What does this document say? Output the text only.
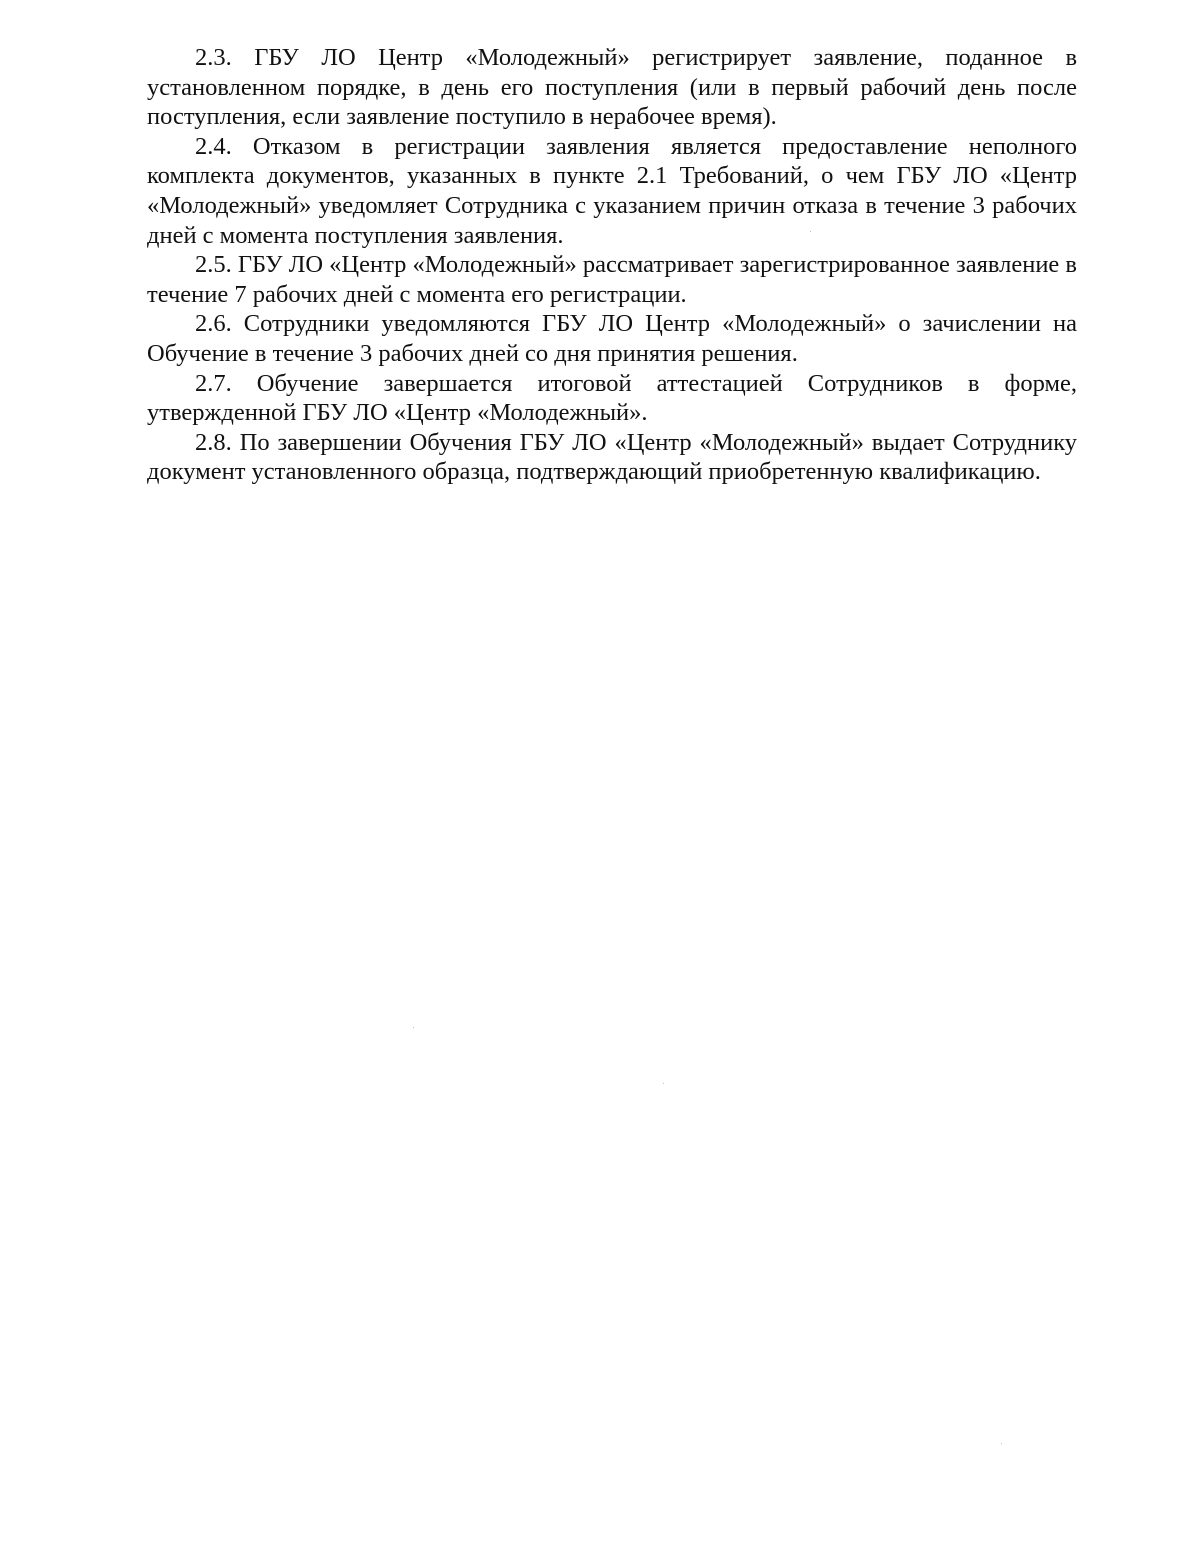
2.3. ГБУ ЛО Центр «Молодежный» регистрирует заявление, поданное в установленном порядке, в день его поступления (или в первый рабочий день после поступления, если заявление поступило в нерабочее время).

2.4. Отказом в регистрации заявления является предоставление неполного комплекта документов, указанных в пункте 2.1 Требований, о чем ГБУ ЛО «Центр «Молодежный» уведомляет Сотрудника с указанием причин отказа в течение 3 рабочих дней с момента поступления заявления.

2.5. ГБУ ЛО «Центр «Молодежный» рассматривает зарегистрированное заявление в течение 7 рабочих дней с момента его регистрации.

2.6. Сотрудники уведомляются ГБУ ЛО Центр «Молодежный» о зачислении на Обучение в течение 3 рабочих дней со дня принятия решения.

2.7. Обучение завершается итоговой аттестацией Сотрудников в форме, утвержденной ГБУ ЛО «Центр «Молодежный».

2.8. По завершении Обучения ГБУ ЛО «Центр «Молодежный» выдает Сотруднику документ установленного образца, подтверждающий приобретенную квалификацию.
